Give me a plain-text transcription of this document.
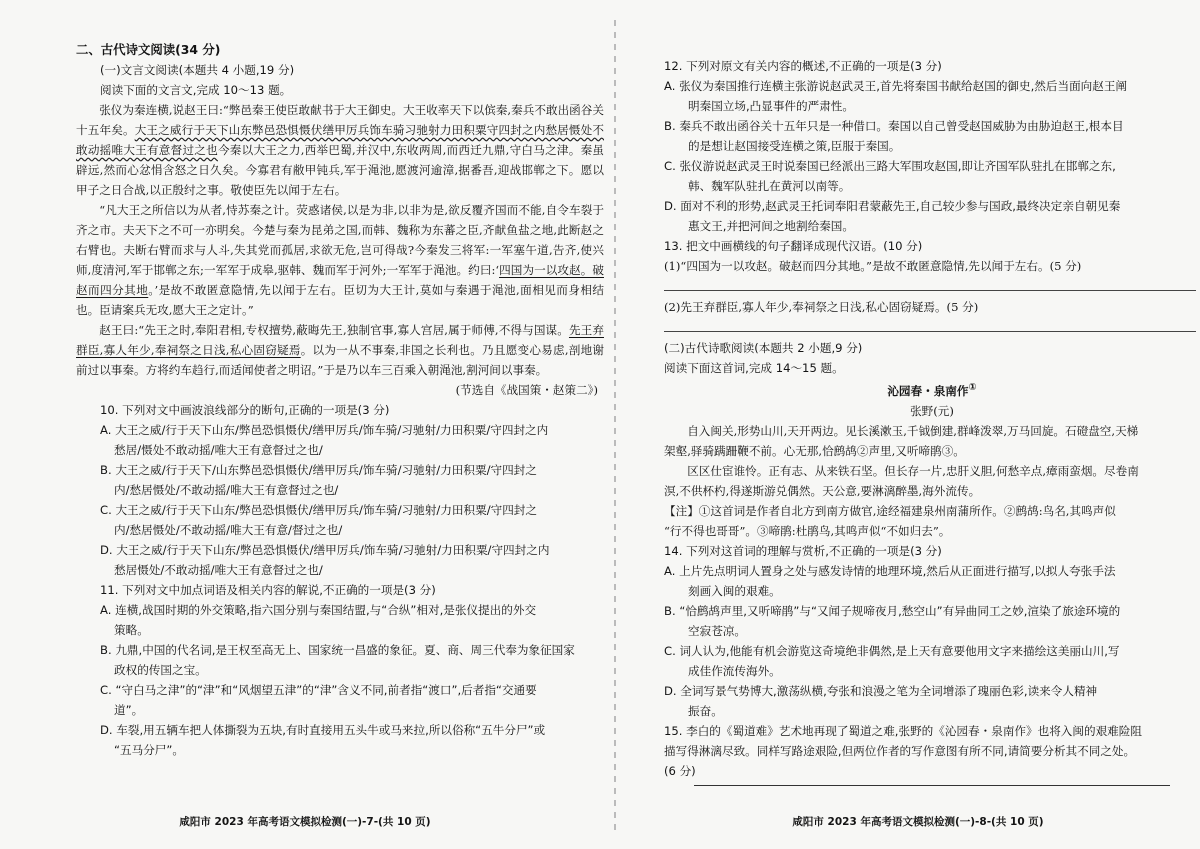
二、古代诗文阅读(34 分)

(一)文言文阅读(本题共 4 小题,19 分)

阅读下面的文言文,完成 10～13 题。

张仪为秦连横,说赵王曰:“弊邑秦王使臣敢献书于大王御史。大王收率天下以傧秦,秦兵不敢出函谷关十五年矣。大王之威行于天下山东弊邑恐惧慑伏缮甲厉兵饰车骑习驰射力田积粟守四封之内愁居慑处不敢动摇唯大王有意督过之也今秦以大王之力,西举巴蜀,并汉中,东收两周,而西迁九鼎,守白马之津。秦虽辟远,然而心忿悁含怒之日久矣。今寡君有敝甲钝兵,军于渑池,愿渡河逾漳,据番吾,迎战邯郸之下。愿以甲子之日合战,以正殷纣之事。敬使臣先以闻于左右。

“凡大王之所信以为从者,恃苏秦之计。荧惑诸侯,以是为非,以非为是,欲反覆齐国而不能,自令车裂于齐之市。夫天下之不可一亦明矣。今楚与秦为昆弟之国,而韩、魏称为东蕃之臣,齐献鱼盐之地,此断赵之右臂也。夫断右臂而求与人斗,失其党而孤居,求欲无危,岂可得哉?今秦发三将军:一军塞午道,告齐,使兴师,度清河,军于邯郸之东;一军军于成皋,驱韩、魏而军于河外;一军军于渑池。约曰:‘四国为一以攻赵。破赵而四分其地。’是故不敢匿意隐情,先以闻于左右。臣切为大王计,莫如与秦遇于渑池,面相见而身相结也。臣请案兵无攻,愿大王之定计。”

赵王曰:“先王之时,奉阳君相,专权擅势,蔽晦先王,独制官事,寡人宫居,属于师傅,不得与国谋。先王弃群臣,寡人年少,奉祠祭之日浅,私心固窃疑焉。以为一从不事秦,非国之长利也。乃且愿变心易虑,剖地谢前过以事秦。方将约车趋行,而适闻使者之明诏。”于是乃以车三百乘入朝渑池,割河间以事秦。

(节选自《战国策・赵策二》)

10. 下列对文中画波浪线部分的断句,正确的一项是(3 分)

A. 大王之威/行于天下山东/弊邑恐惧慑伏/缮甲厉兵/饰车骑/习驰射/力田积粟/守四封之内

愁居/慑处不敢动摇/唯大王有意督过之也/

B. 大王之威/行于天下/山东弊邑恐惧慑伏/缮甲厉兵/饰车骑/习驰射/力田积粟/守四封之

内/愁居慑处/不敢动摇/唯大王有意督过之也/

C. 大王之威/行于天下山东/弊邑恐惧慑伏/缮甲厉兵/饰车骑/习驰射/力田积粟/守四封之

内/愁居慑处/不敢动摇/唯大王有意/督过之也/

D. 大王之威/行于天下山东/弊邑恐惧慑伏/缮甲厉兵/饰车骑/习驰射/力田积粟/守四封之内

愁居慑处/不敢动摇/唯大王有意督过之也/

11. 下列对文中加点词语及相关内容的解说,不正确的一项是(3 分)

A. 连横,战国时期的外交策略,指六国分别与秦国结盟,与“合纵”相对,是张仪提出的外交

策略。

B. 九鼎,中国的代名词,是王权至高无上、国家统一昌盛的象征。夏、商、周三代奉为象征国家

政权的传国之宝。

C. “守白马之津”的“津”和“风烟望五津”的“津”含义不同,前者指“渡口”,后者指“交通要

道”。

D. 车裂,用五辆车把人体撕裂为五块,有时直接用五头牛或马来拉,所以俗称“五牛分尸”或

“五马分尸”。

咸阳市 2023 年高考语文模拟检测(一)-7-(共 10 页)

12. 下列对原文有关内容的概述,不正确的一项是(3 分)

A. 张仪为秦国推行连横主张游说赵武灵王,首先将秦国书献给赵国的御史,然后当面向赵王阐

明秦国立场,凸显事件的严肃性。

B. 秦兵不敢出函谷关十五年只是一种借口。秦国以自己曾受赵国威胁为由胁迫赵王,根本目

的是想让赵国接受连横之策,臣服于秦国。

C. 张仪游说赵武灵王时说秦国已经派出三路大军围攻赵国,即让齐国军队驻扎在邯郸之东,

韩、魏军队驻扎在黄河以南等。

D. 面对不利的形势,赵武灵王托词奉阳君蒙蔽先王,自己较少参与国政,最终决定亲自朝见秦

惠文王,并把河间之地割给秦国。

13. 把文中画横线的句子翻译成现代汉语。(10 分)

(1)“四国为一以攻赵。破赵而四分其地。”是故不敢匿意隐情,先以闻于左右。(5 分)

(2)先王弃群臣,寡人年少,奉祠祭之日浅,私心固窃疑焉。(5 分)

(二)古代诗歌阅读(本题共 2 小题,9 分)

阅读下面这首词,完成 14～15 题。

沁园春・泉南作①

张野(元)

自入闽关,形势山川,天开两边。见长溪漱玉,千钺倒建,群峰泼翠,万马回旋。石磴盘空,天梯

架壑,驿骑蹒跚鞭不前。心无那,恰鹧鸪②声里,又听啼鹃③。

区区仕宦谁怜。正有志、从来铁石坚。但长存一片,忠肝义胆,何愁辛点,瘴雨蛮烟。尽卷南

溟,不供杯杓,得遂斯游兑偶然。天公意,要淋漓醉墨,海外流传。

【注】①这首词是作者自北方到南方做官,途经福建泉州南蒲所作。②鹧鸪:鸟名,其鸣声似

“行不得也哥哥”。③啼鹃:杜鹃鸟,其鸣声似“不如归去”。

14. 下列对这首词的理解与赏析,不正确的一项是(3 分)

A. 上片先点明词人置身之处与感发诗情的地理环境,然后从正面进行描写,以拟人夸张手法

刻画入闽的艰难。

B. “恰鹧鸪声里,又听啼鹃”与“又闻子规啼夜月,愁空山”有异曲同工之妙,渲染了旅途环境的

空寂苍凉。

C. 词人认为,他能有机会游览这奇境绝非偶然,是上天有意要他用文字来描绘这美丽山川,写

成佳作流传海外。

D. 全词写景气势博大,激荡纵横,夸张和浪漫之笔为全词增添了瑰丽色彩,读来令人精神

振奋。

15. 李白的《蜀道难》艺术地再现了蜀道之难,张野的《沁园春・泉南作》也将入闽的艰难险阻

描写得淋漓尽致。同样写路途艰险,但两位作者的写作意图有所不同,请简要分析其不同之处。

(6 分)

咸阳市 2023 年高考语文模拟检测(一)-8-(共 10 页)
